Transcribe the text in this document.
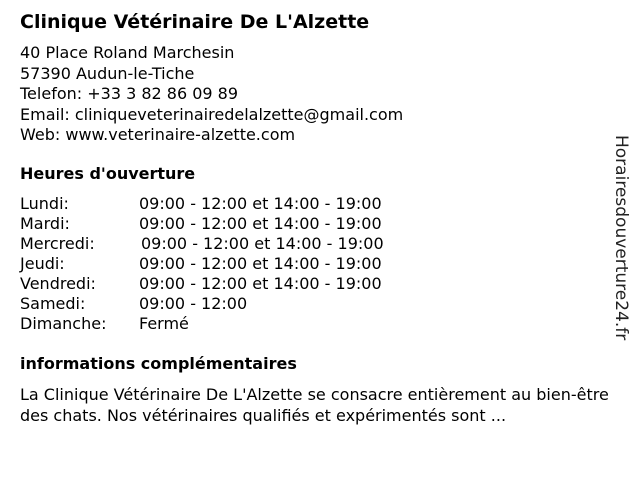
Clinique Vétérinaire De L'Alzette
40 Place Roland Marchesin
57390 Audun-le-Tiche
Telefon: +33 3 82 86 09 89
Email: cliniqueveterinairedelalzette@gmail.com
Web: www.veterinaire-alzette.com
Heures d'ouverture
Lundi:	09:00 - 12:00 et 14:00 - 19:00
Mardi:	09:00 - 12:00 et 14:00 - 19:00
Mercredi:	09:00 - 12:00 et 14:00 - 19:00
Jeudi:	09:00 - 12:00 et 14:00 - 19:00
Vendredi:	09:00 - 12:00 et 14:00 - 19:00
Samedi:	09:00 - 12:00
Dimanche:	Fermé
informations complémentaires
La Clinique Vétérinaire De L'Alzette se consacre entièrement au bien-être des chats. Nos vétérinaires qualifiés et expérimentés sont ...
Horairesdouverture24.fr
